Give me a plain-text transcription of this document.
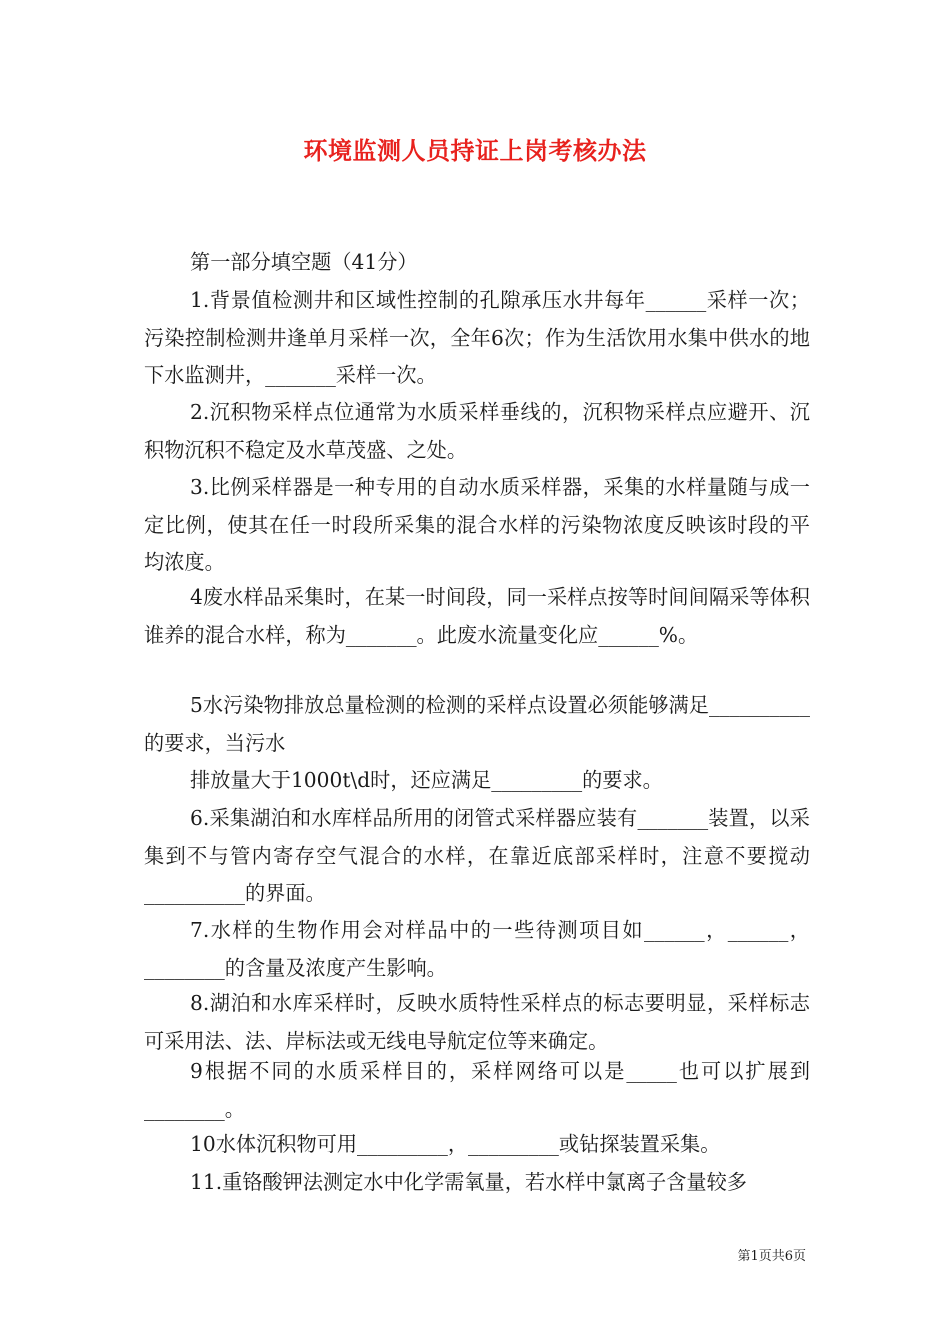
环境监测人员持证上岗考核办法

第一部分填空题（41分）

1.背景值检测井和区域性控制的孔隙承压水井每年______采样一次；污染控制检测井逢单月采样一次，全年6次；作为生活饮用水集中供水的地下水监测井，_______采样一次。

2.沉积物采样点位通常为水质采样垂线的，沉积物采样点应避开、沉积物沉积不稳定及水草茂盛、之处。

3.比例采样器是一种专用的自动水质采样器，采集的水样量随与成一定比例，使其在任一时段所采集的混合水样的污染物浓度反映该时段的平均浓度。

4废水样品采集时，在某一时间段，同一采样点按等时间间隔采等体积谁养的混合水样，称为_______。此废水流量变化应______%。

5水污染物排放总量检测的检测的采样点设置必须能够满足__________的要求，当污水

排放量大于1000t\d时，还应满足_________的要求。

6.采集湖泊和水库样品所用的闭管式采样器应装有_______装置，以采集到不与管内寄存空气混合的水样，在靠近底部采样时，注意不要搅动__________的界面。

7.水样的生物作用会对样品中的一些待测项目如______，______，________的含量及浓度产生影响。

8.湖泊和水库采样时，反映水质特性采样点的标志要明显，采样标志可采用法、法、岸标法或无线电导航定位等来确定。

9根据不同的水质采样目的，采样网络可以是_____也可以扩展到________。

10水体沉积物可用_________，_________或钻探装置采集。

11.重铬酸钾法测定水中化学需氧量，若水样中氯离子含量较多

第1页共6页
